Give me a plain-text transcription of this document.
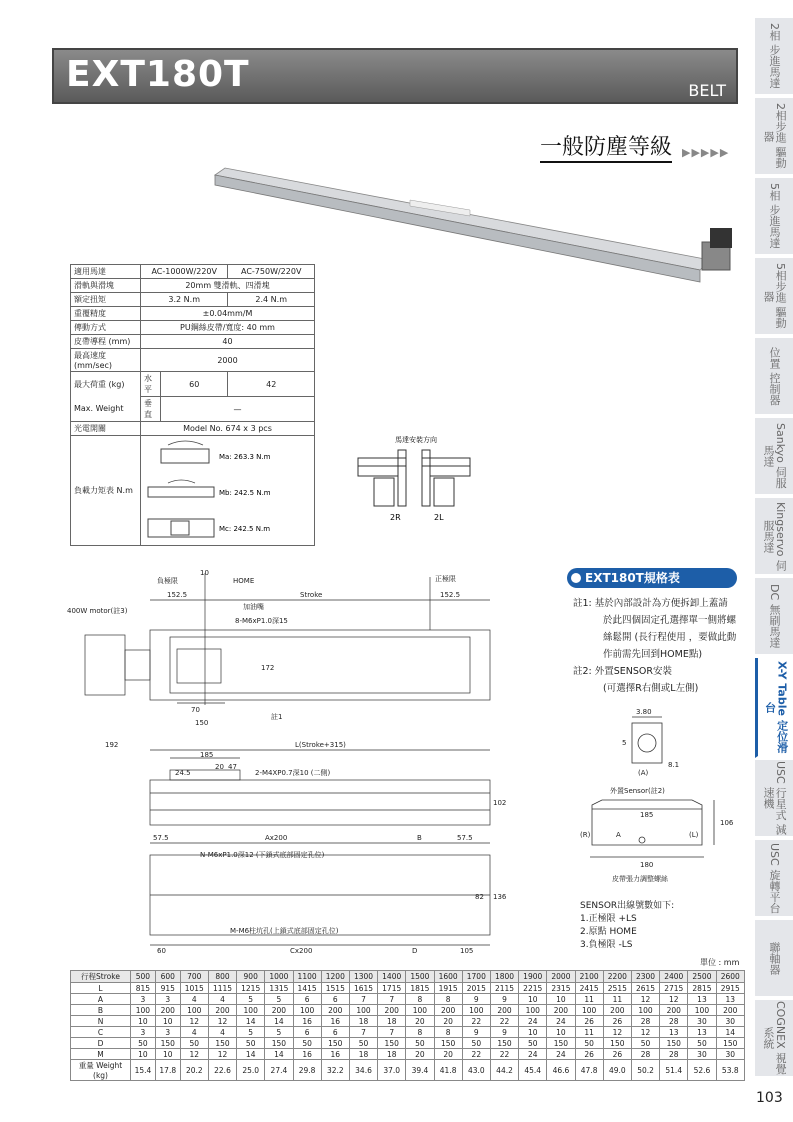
EXT180T	BELT
一般防塵等級 ▶▶▶▶▶
2相 步進馬達
2相步進 驅動器
5相 步進馬達
5相步進 驅動器
位置 控制器
Sankyo 伺服馬達
Kingservo 伺服馬達
DC 無刷馬達
X-Y Table 定位滑台
USC 行星式 減速機
USC 旋轉平台
聯軸器
COGNEX 視覺系統
適用馬達	AC-1000W/220V		AC-750W/220V
滑軌與滑塊	20mm 雙滑軌、四滑塊		
額定扭矩	3.2 N.m		2.4 N.m
重覆精度	±0.04mm/M		
傳動方式	PU鋼絲皮帶/寬度: 40 mm		
皮帶導程 (mm)	40		
最高速度 (mm/sec)	2000		
最大荷重 (kg)	水平	60	42
Max. Weight	垂直	—	
光電開關	Model No. 674 x 3 pcs		
負載力矩表 N.m	Ma: 263.3 N.m
Mb: 242.5 N.m
Mc: 242.5 N.m		
馬達安裝方向
2R	2L
負極限
10
HOME	正極限
152.5	Stroke	152.5
400W motor(註3)	加油嘴
8-M6xP1.0深15
172
70
150
註1
192	L(Stroke+315)
185
24.5
20 47
2-M4XP0.7深10 (二側)
102
57.5	Ax200	B	57.5
N-M6xP1.0深12 (下鎖式底部固定孔位)
82 136
M-M6柱坑孔(上鎖式底部固定孔位)
60	Cx200	D	105
EXT180T規格表
註1: 基於內部設計為方便拆卸上蓋請
於此四個固定孔選擇單一側將螺
絲鬆開 (長行程使用 ，要做此動
作前需先回到HOME點)
註2: 外置SENSOR安裝
(可選擇R右側或L左側)
3.80
5
8.1
(A)
外置Sensor(註2)
185
(R)	A	(L)
106
180
皮帶張力調整螺絲
SENSOR出線號數如下:
1.正極限 +LS
2.原點 HOME
3.負極限 -LS
單位 : mm
行程Stroke	500	600	700	800	900	1000	1100	1200	1300	1400	1500	1600	1700	1800	1900	2000	2100	2200	2300	2400	2500	2600
L	815	915	1015	1115	1215	1315	1415	1515	1615	1715	1815	1915	2015	2115	2215	2315	2415	2515	2615	2715	2815	2915
A	3	3	4	4	5	5	6	6	7	7	8	8	9	9	10	10	11	11	12	12	13	13
B	100	200	100	200	100	200	100	200	100	200	100	200	100	200	100	200	100	200	100	200	100	200
N	10	10	12	12	14	14	16	16	18	18	20	20	22	22	24	24	26	26	28	28	30	30
C	3	3	4	4	5	5	6	6	7	7	8	8	9	9	10	10	11	12	12	13	13	14
D	50	150	50	150	50	150	50	150	50	150	50	150	50	150	50	150	50	150	50	150	50	150
M	10	10	12	12	14	14	16	16	18	18	20	20	22	22	24	24	26	26	28	28	30	30
重量 Weight (kg)	15.4	17.8	20.2	22.6	25.0	27.4	29.8	32.2	34.6	37.0	39.4	41.8	43.0	44.2	45.4	46.6	47.8	49.0	50.2	51.4	52.6	53.8
103
